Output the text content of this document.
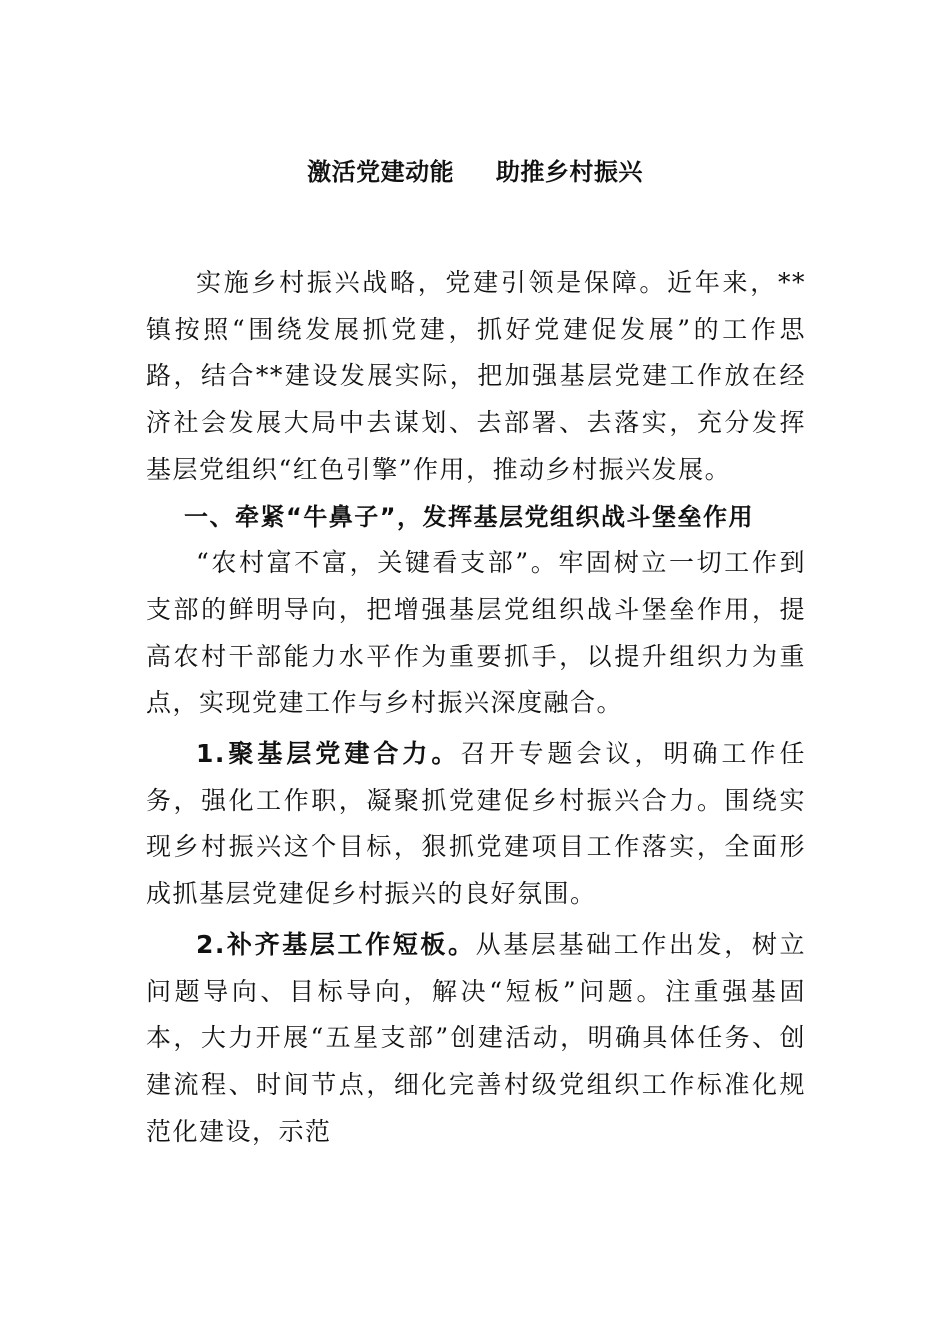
激活党建动能  助推乡村振兴

实施乡村振兴战略，党建引领是保障。近年来，**镇按照“围绕发展抓党建，抓好党建促发展”的工作思路，结合**建设发展实际，把加强基层党建工作放在经济社会发展大局中去谋划、去部署、去落实，充分发挥基层党组织“红色引擎”作用，推动乡村振兴发展。

一、牵紧“牛鼻子”，发挥基层党组织战斗堡垒作用

“农村富不富，关键看支部”。牢固树立一切工作到支部的鲜明导向，把增强基层党组织战斗堡垒作用，提高农村干部能力水平作为重要抓手，以提升组织力为重点，实现党建工作与乡村振兴深度融合。

1.聚基层党建合力。召开专题会议，明确工作任务，强化工作职，凝聚抓党建促乡村振兴合力。围绕实现乡村振兴这个目标，狠抓党建项目工作落实，全面形成抓基层党建促乡村振兴的良好氛围。

2.补齐基层工作短板。从基层基础工作出发，树立问题导向、目标导向，解决“短板”问题。注重强基固本，大力开展“五星支部”创建活动，明确具体任务、创建流程、时间节点，细化完善村级党组织工作标准化规范化建设，示范
